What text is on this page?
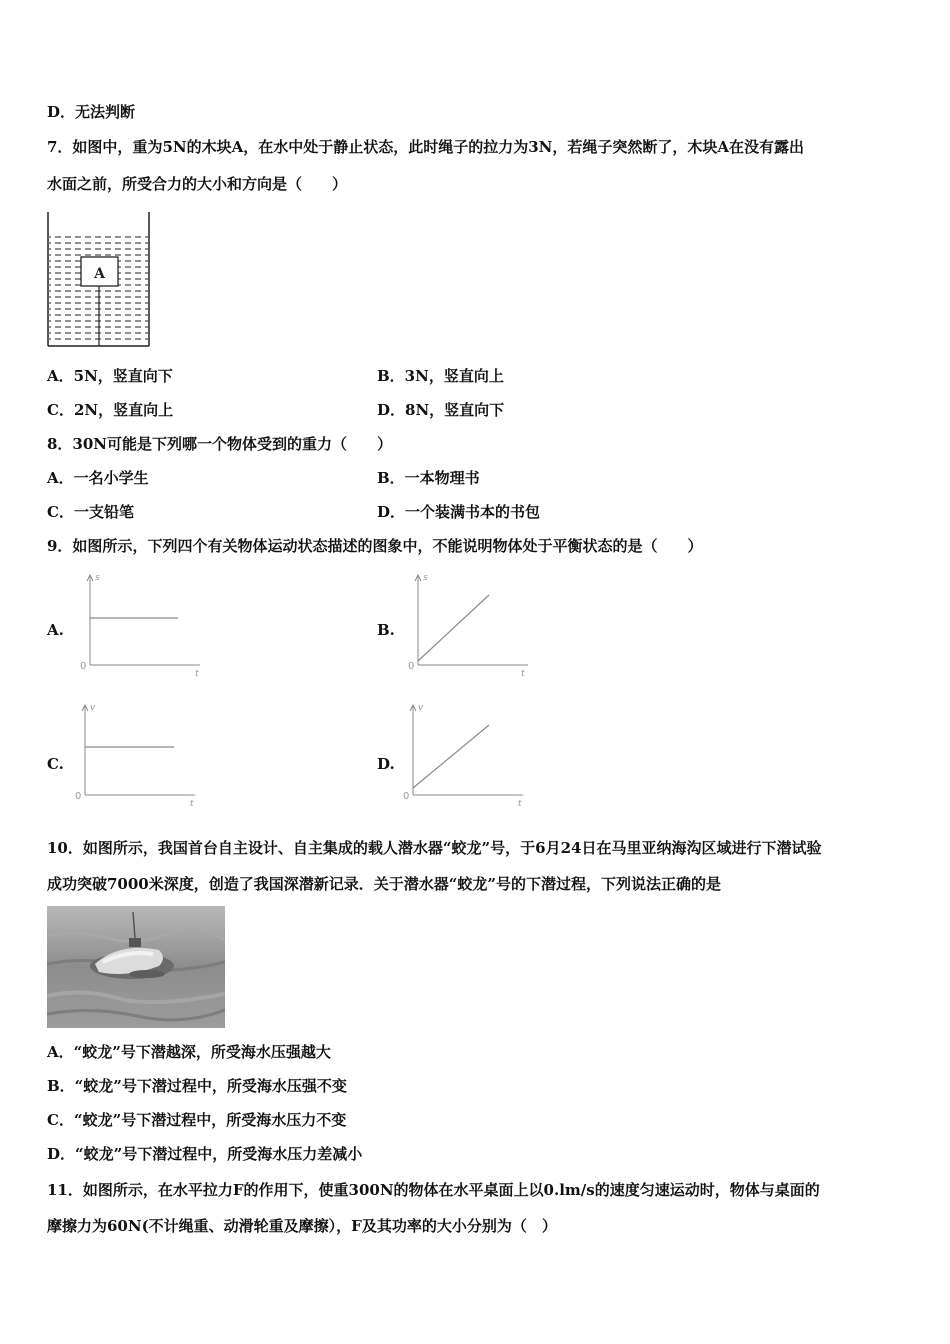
D．无法判断
7．如图中，重为5N的木块A，在水中处于静止状态，此时绳子的拉力为3N，若绳子突然断了，木块A在没有露出
水面之前，所受合力的大小和方向是（　　）
A
A．5N，竖直向下	B．3N，竖直向上
C．2N，竖直向上	D．8N，竖直向下
8．30N可能是下列哪一个物体受到的重力（　　）
A．一名小学生	B．一本物理书
C．一支铅笔	D．一个装满书本的书包
9．如图所示，下列四个有关物体运动状态描述的图象中，不能说明物体处于平衡状态的是（　　）
A.
s
t
0
B.
s
t
0
C.
v
t
0
D.
v
t
0
10．如图所示，我国首台自主设计、自主集成的载人潜水器“蛟龙”号，于6月24日在马里亚纳海沟区域进行下潜试验
成功突破7000米深度，创造了我国深潜新记录．关于潜水器“蛟龙”号的下潜过程，下列说法正确的是
A．“蛟龙”号下潜越深，所受海水压强越大
B．“蛟龙”号下潜过程中，所受海水压强不变
C．“蛟龙”号下潜过程中，所受海水压力不变
D．“蛟龙”号下潜过程中，所受海水压力差减小
11．如图所示，在水平拉力F的作用下，使重300N的物体在水平桌面上以0.lm/s的速度匀速运动时，物体与桌面的
摩擦力为60N(不计绳重、动滑轮重及摩擦），F及其功率的大小分别为（　）
